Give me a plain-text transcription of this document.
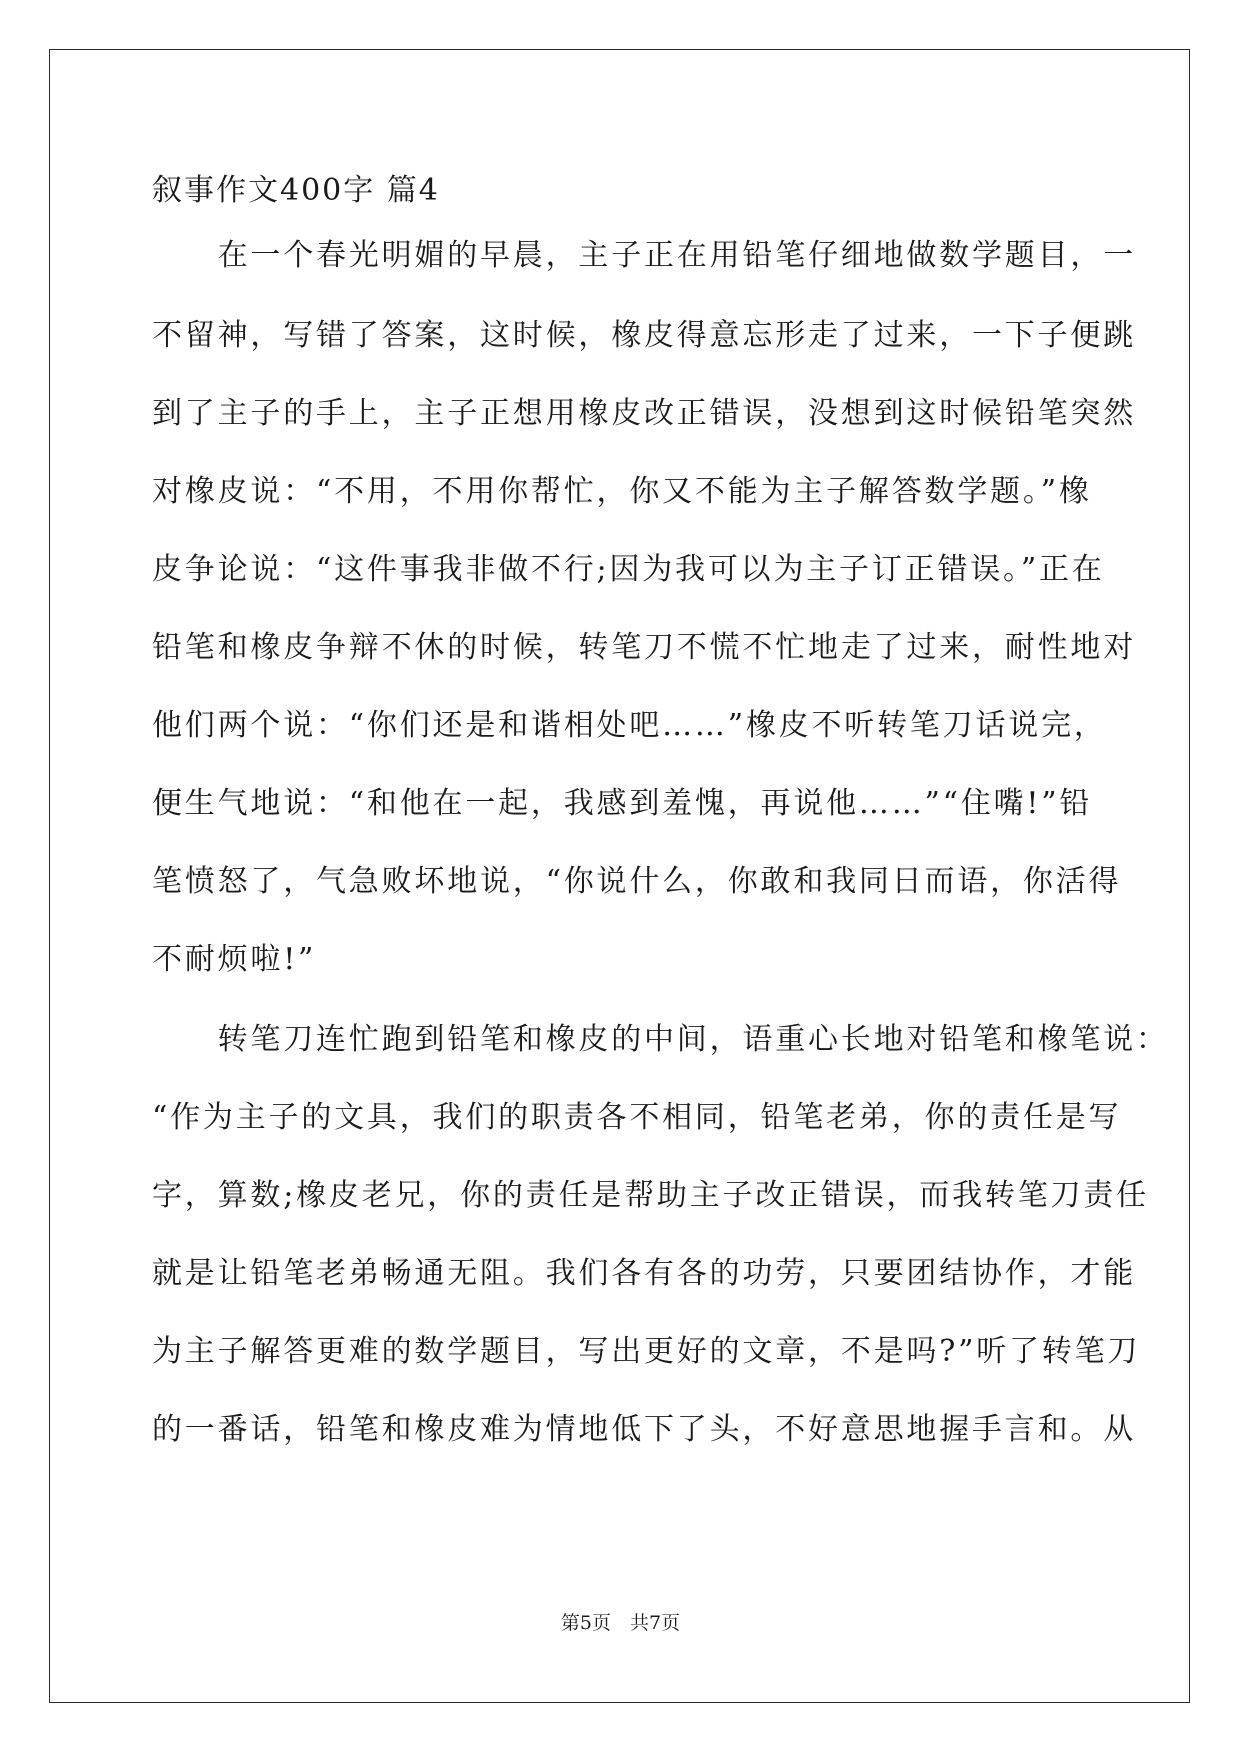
叙事作文400字 篇4
　　在一个春光明媚的早晨，主子正在用铅笔仔细地做数学题目，一
不留神，写错了答案，这时候，橡皮得意忘形走了过来，一下子便跳
到了主子的手上，主子正想用橡皮改正错误，没想到这时候铅笔突然
对橡皮说：“不用，不用你帮忙，你又不能为主子解答数学题。”橡
皮争论说：“这件事我非做不行;因为我可以为主子订正错误。”正在
铅笔和橡皮争辩不休的时候，转笔刀不慌不忙地走了过来，耐性地对
他们两个说：“你们还是和谐相处吧……”橡皮不听转笔刀话说完，
便生气地说：“和他在一起，我感到羞愧，再说他……”“住嘴!”铅
笔愤怒了，气急败坏地说，“你说什么，你敢和我同日而语，你活得
不耐烦啦!”
　　转笔刀连忙跑到铅笔和橡皮的中间，语重心长地对铅笔和橡笔说：
“作为主子的文具，我们的职责各不相同，铅笔老弟，你的责任是写
字，算数;橡皮老兄，你的责任是帮助主子改正错误，而我转笔刀责任
就是让铅笔老弟畅通无阻。我们各有各的功劳，只要团结协作，才能
为主子解答更难的数学题目，写出更好的文章，不是吗?”听了转笔刀
的一番话，铅笔和橡皮难为情地低下了头，不好意思地握手言和。从
第5页　共7页
